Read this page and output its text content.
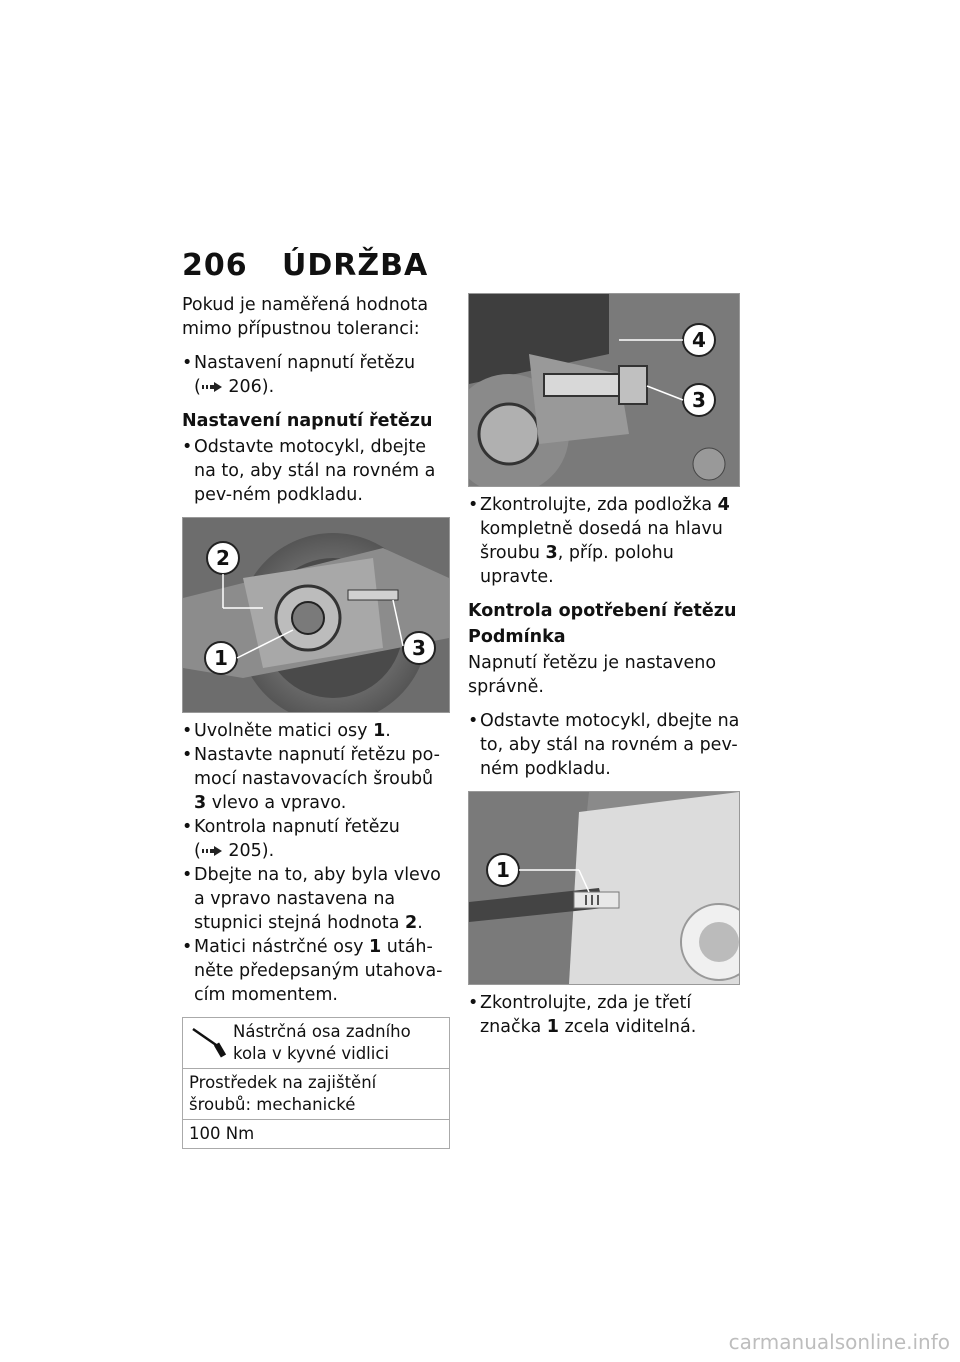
206 ÚDRŽBA

Pokud je naměřená hodnota mimo přípustnou toleranci:

• Nastavení napnutí řetězu
( 206).
Nastavení napnutí řetězu
• Odstavte motocykl, dbejte na to, aby stál na rovném a pev-ném podkladu.
2
1	3
• Uvolněte matici osy 1.
• Nastavte napnutí řetězu po-mocí nastavovacích šroubů 3 vlevo a vpravo.
• Kontrola napnutí řetězu
( 205).
• Dbejte na to, aby byla vlevo a vpravo nastavena na stupnici stejná hodnota 2.
• Matici nástrčné osy 1 utáh-něte předepsaným utahova-cím momentem.
Nástrčná osa zadního kola v kyvné vidlici
Prostředek na zajištění šroubů: mechanické
100 Nm
4
3
• Zkontrolujte, zda podložka 4 kompletně dosedá na hlavu šroubu 3, příp. polohu upravte.
Kontrola opotřebení řetězu
Podmínka

Napnutí řetězu je nastaveno správně.

• Odstavte motocykl, dbejte na to, aby stál na rovném a pev-ném podkladu.
1
• Zkontrolujte, zda je třetí značka 1 zcela viditelná.
carmanualsonline.info
